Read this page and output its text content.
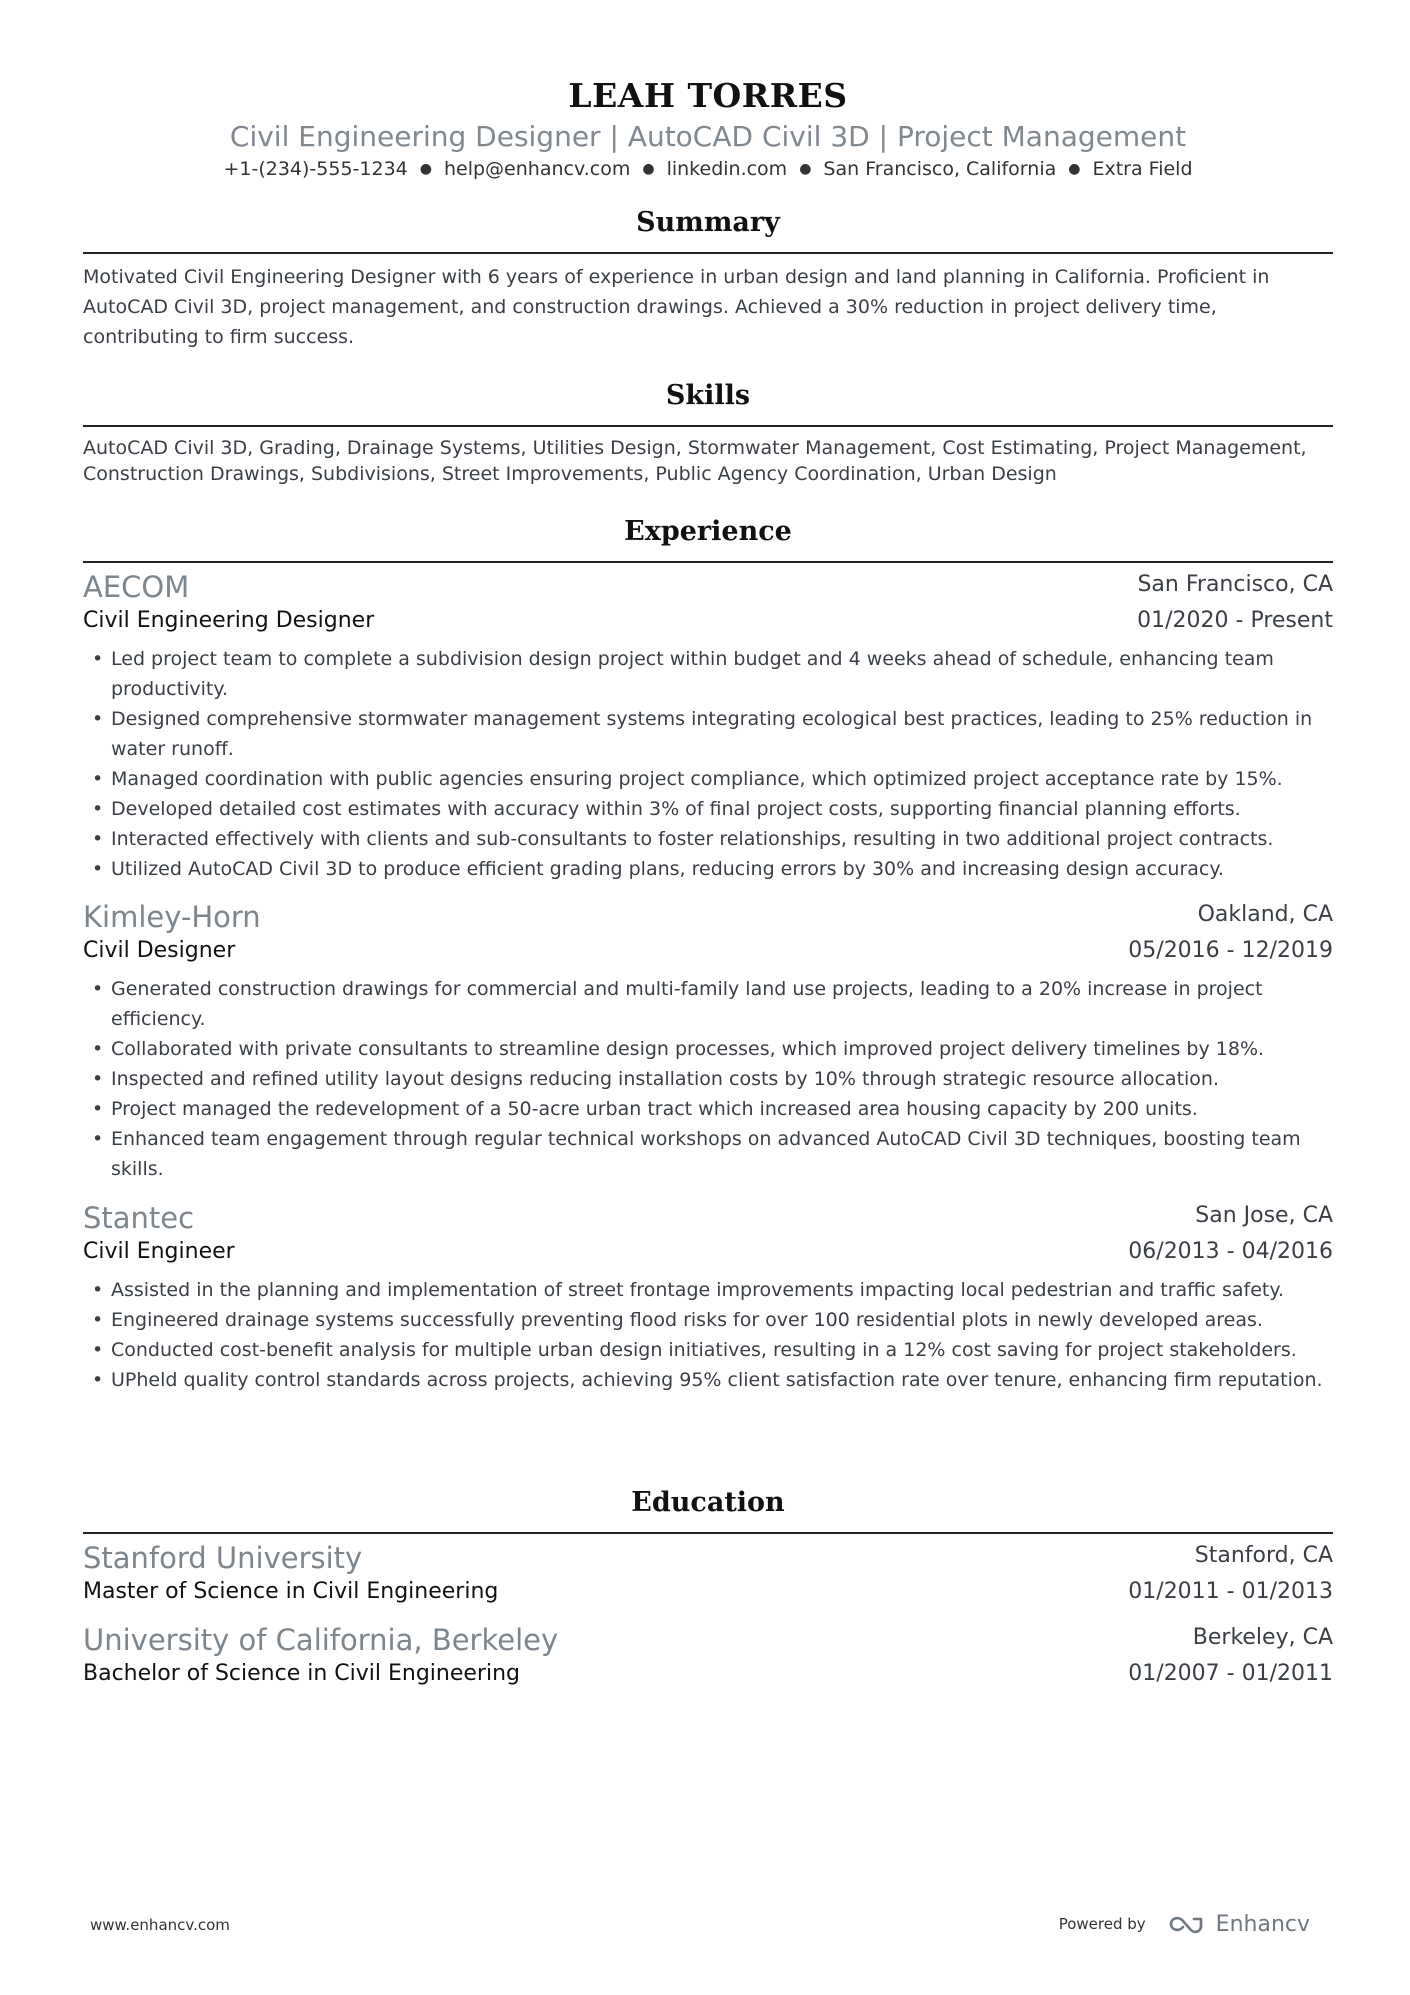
LEAH TORRES
Civil Engineering Designer | AutoCAD Civil 3D | Project Management
+1-(234)-555-1234 ● help@enhancv.com ● linkedin.com ● San Francisco, California ● Extra Field
Summary
Motivated Civil Engineering Designer with 6 years of experience in urban design and land planning in California. Proficient in AutoCAD Civil 3D, project management, and construction drawings. Achieved a 30% reduction in project delivery time, contributing to firm success.
Skills
AutoCAD Civil 3D, Grading, Drainage Systems, Utilities Design, Stormwater Management, Cost Estimating, Project Management, Construction Drawings, Subdivisions, Street Improvements, Public Agency Coordination, Urban Design
Experience
AECOM	San Francisco, CA
Civil Engineering Designer	01/2020 - Present
• Led project team to complete a subdivision design project within budget and 4 weeks ahead of schedule, enhancing team productivity.
• Designed comprehensive stormwater management systems integrating ecological best practices, leading to 25% reduction in water runoff.
• Managed coordination with public agencies ensuring project compliance, which optimized project acceptance rate by 15%.
• Developed detailed cost estimates with accuracy within 3% of final project costs, supporting financial planning efforts.
• Interacted effectively with clients and sub-consultants to foster relationships, resulting in two additional project contracts.
• Utilized AutoCAD Civil 3D to produce efficient grading plans, reducing errors by 30% and increasing design accuracy.
Kimley-Horn	Oakland, CA
Civil Designer	05/2016 - 12/2019
• Generated construction drawings for commercial and multi-family land use projects, leading to a 20% increase in project efficiency.
• Collaborated with private consultants to streamline design processes, which improved project delivery timelines by 18%.
• Inspected and refined utility layout designs reducing installation costs by 10% through strategic resource allocation.
• Project managed the redevelopment of a 50-acre urban tract which increased area housing capacity by 200 units.
• Enhanced team engagement through regular technical workshops on advanced AutoCAD Civil 3D techniques, boosting team skills.
Stantec	San Jose, CA
Civil Engineer	06/2013 - 04/2016
• Assisted in the planning and implementation of street frontage improvements impacting local pedestrian and traffic safety.
• Engineered drainage systems successfully preventing flood risks for over 100 residential plots in newly developed areas.
• Conducted cost-benefit analysis for multiple urban design initiatives, resulting in a 12% cost saving for project stakeholders.
• UPheld quality control standards across projects, achieving 95% client satisfaction rate over tenure, enhancing firm reputation.
Education
Stanford University	Stanford, CA
Master of Science in Civil Engineering	01/2011 - 01/2013
University of California, Berkeley	Berkeley, CA
Bachelor of Science in Civil Engineering	01/2007 - 01/2011
www.enhancv.com	Powered by	Enhancv
